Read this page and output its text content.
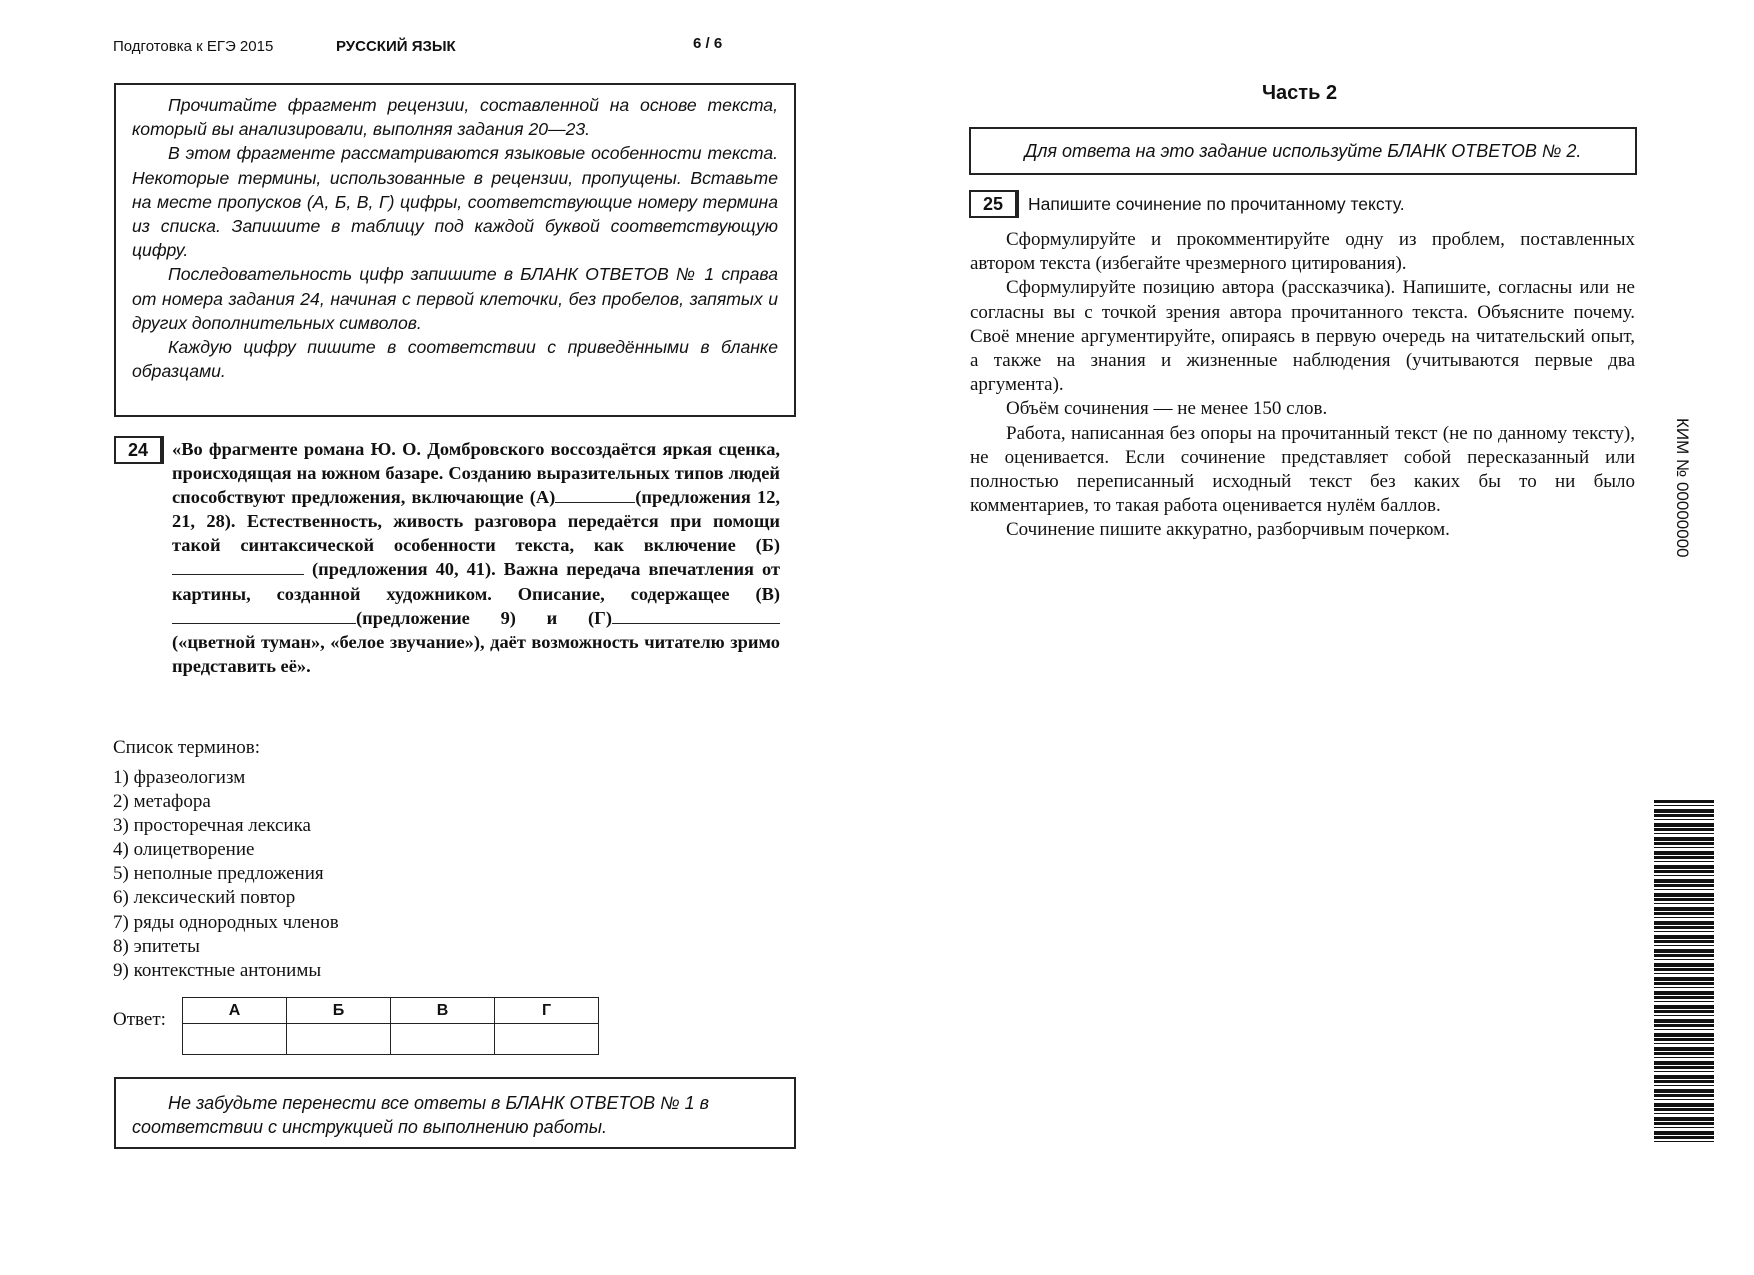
Подготовка к ЕГЭ 2015	РУССКИЙ ЯЗЫК	6 / 6

Прочитайте фрагмент рецензии, составленной на основе текста, который вы анализировали, выполняя задания 20—23.

В этом фрагменте рассматриваются языковые особенности текста. Некоторые термины, использованные в рецензии, пропущены. Вставьте на месте пропусков (А, Б, В, Г) цифры, соответствующие номеру термина из списка. Запишите в таблицу под каждой буквой соответствующую цифру.

Последовательность цифр запишите в БЛАНК ОТВЕТОВ № 1 справа от номера задания 24, начиная с первой клеточки, без пробелов, запятых и других дополнительных символов.

Каждую цифру пишите в соответствии с приведёнными в бланке образцами.

24	«Во фрагменте романа Ю. О. Домбровского воссоздаётся яркая сценка, происходящая на южном базаре. Созданию выразительных типов людей способствуют предложения, включающие (А)	(предложения 12, 21, 28). Естественность, живость разговора передаётся при помощи такой синтаксической особенности текста, как включение (Б) (предложения 40, 41). Важна передача впечатления от картины, созданной художником. Описание, содержащее (В)(предложение 9) и (Г) («цветной туман», «белое звучание»), даёт возможность читателю зримо представить её».
Список терминов:
1) фразеологизм
2) метафора
3) просторечная лексика
4) олицетворение
5) неполные предложения
6) лексический повтор
7) ряды однородных членов
8) эпитеты
9) контекстные антонимы
Ответ:	А	Б	В	Г

Не забудьте перенести все ответы в БЛАНК ОТВЕТОВ № 1 в соответствии с инструкцией по выполнению работы.

Часть 2
Для ответа на это задание используйте БЛАНК ОТВЕТОВ № 2.
25	Напишите сочинение по прочитанному тексту.

Сформулируйте и прокомментируйте одну из проблем, поставленных автором текста (избегайте чрезмерного цитирования).

Сформулируйте позицию автора (рассказчика). Напишите, согласны или не согласны вы с точкой зрения автора прочитанного текста. Объясните почему. Своё мнение аргументируйте, опираясь в первую очередь на читательский опыт, а также на знания и жизненные наблюдения (учитываются первые два аргумента).

Объём сочинения — не менее 150 слов.

Работа, написанная без опоры на прочитанный текст (не по данному тексту), не оценивается. Если сочинение представляет собой пересказанный или полностью переписанный исходный текст без каких бы то ни было комментариев, то такая работа оценивается нулём баллов.

Сочинение пишите аккуратно, разборчивым почерком.	КИМ № 00000000
